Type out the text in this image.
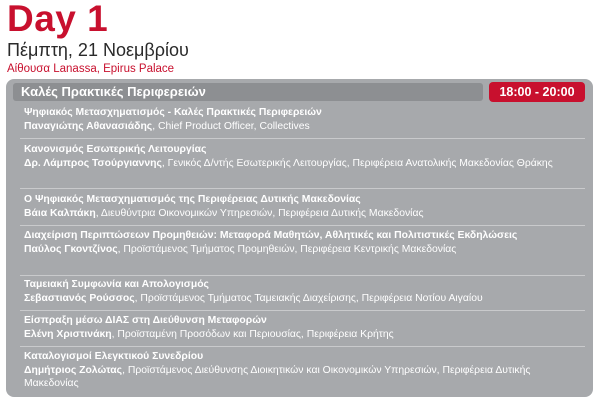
Day 1
Πέμπτη, 21 Νοεμβρίου
Αίθουσα Lanassa, Epirus Palace
Καλές Πρακτικές Περιφερειών	18:00 - 20:00
Ψηφιακός Μετασχηματισμός - Καλές Πρακτικές Περιφερειών
Παναγιώτης Αθανασιάδης, Chief Product Officer, Collectives
Κανονισμός Εσωτερικής Λειτουργίας
Δρ. Λάμπρος Τσούργιαννης, Γενικός Δ/ντής Εσωτερικής Λειτουργίας, Περιφέρεια Ανατολικής Μακεδονίας Θράκης
Ο Ψηφιακός Μετασχηματισμός της Περιφέρειας Δυτικής Μακεδονίας
Βάια Καλπάκη, Διευθύντρια Οικονομικών Υπηρεσιών, Περιφέρεια Δυτικής Μακεδονίας
Διαχείριση Περιπτώσεων Προμηθειών: Μεταφορά Μαθητών, Αθλητικές και Πολιτιστικές Εκδηλώσεις
Παύλος Γκοντζίνος, Προϊστάμενος Τμήματος Προμηθειών, Περιφέρεια Κεντρικής Μακεδονίας
Ταμειακή Συμφωνία και Απολογισμός
Σεβαστιανός Ρούσσος, Προϊστάμενος Τμήματος Ταμειακής Διαχείρισης, Περιφέρεια Νοτίου Αιγαίου
Είσπραξη μέσω ΔΙΑΣ στη Διεύθυνση Μεταφορών
Ελένη Χριστινάκη, Προϊσταμένη Προσόδων και Περιουσίας, Περιφέρεια Κρήτης
Καταλογισμοί Ελεγκτικού Συνεδρίου
Δημήτριος Ζολώτας, Προϊστάμενος Διεύθυνσης Διοικητικών και Οικονομικών Υπηρεσιών, Περιφέρεια Δυτικής Μακεδονίας
